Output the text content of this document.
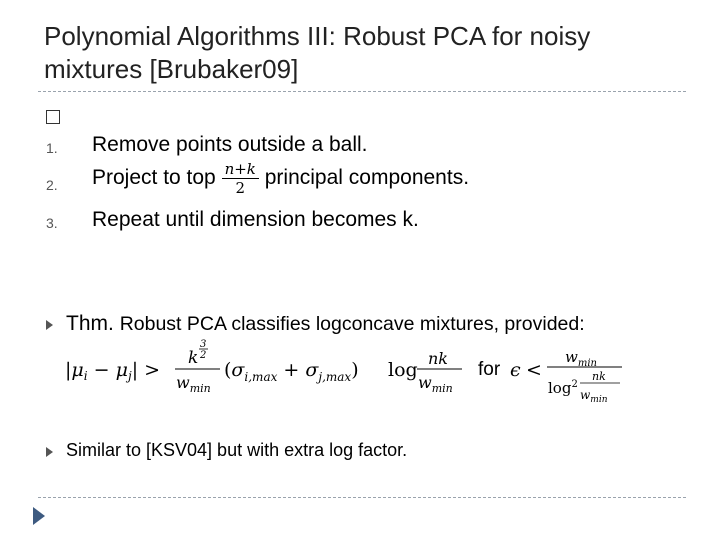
Polynomial Algorithms III: Robust PCA for noisy mixtures [Brubaker09]
1. Remove points outside a ball.
2. Project to top $\frac{n+k}{2}$ principal components.
3. Repeat until dimension becomes k.
Thm. Robust PCA classifies logconcave mixtures, provided:
$|\mu_i - \mu_j|$ >
k
3
2
$w_{min}$
$(\sigma_{i,max} + \sigma_{j,max})$ log
nk
$w_{min}$
for ϵ <
$w_{min}$
$\log^2$
nk
$w_{min}$
Similar to [KSV04] but with extra log factor.
